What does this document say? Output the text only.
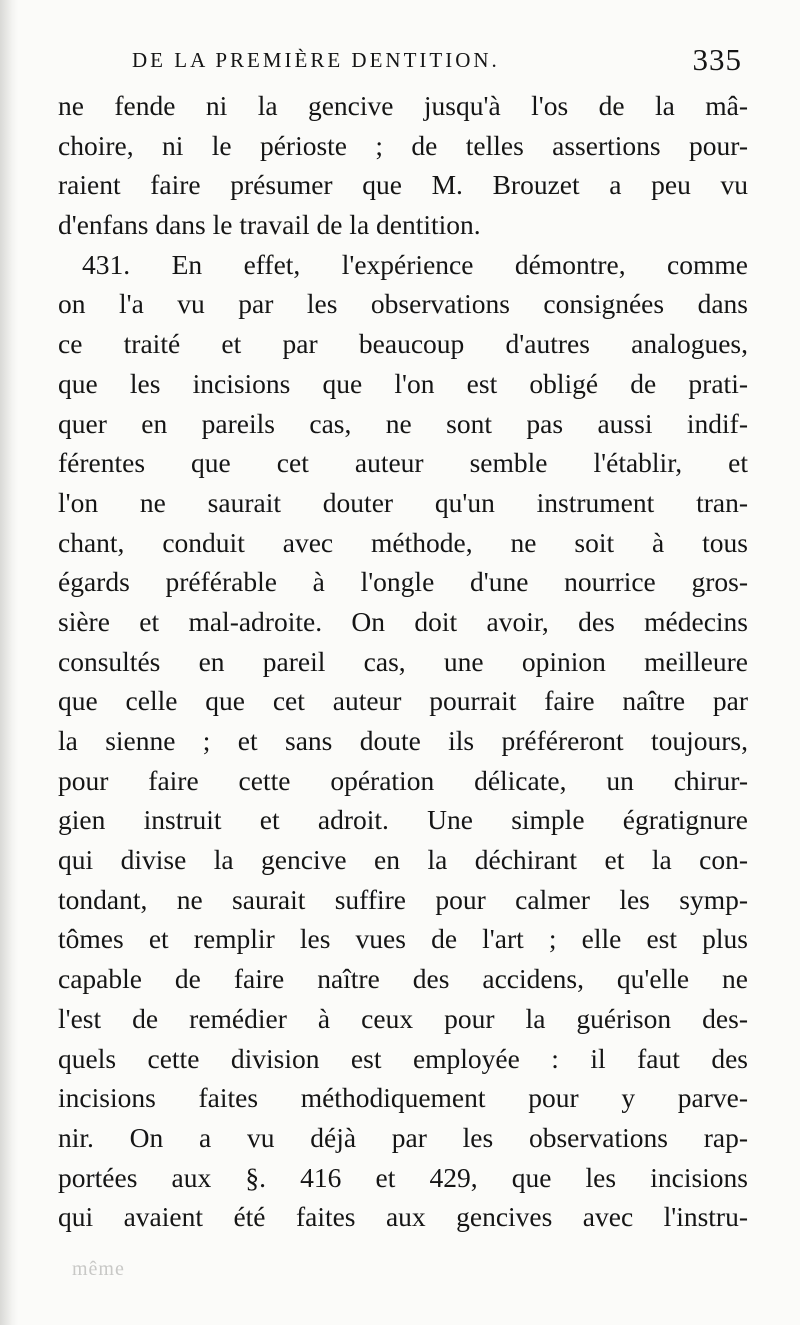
DE LA PREMIÈRE DENTITION.	335
ne fende ni la gencive jusqu'à l'os de la mâ-
choire, ni le périoste ; de telles assertions pour-
raient faire présumer que M. Brouzet a peu vu
d'enfans dans le travail de la dentition.
431. En effet, l'expérience démontre, comme
on l'a vu par les observations consignées dans
ce traité et par beaucoup d'autres analogues,
que les incisions que l'on est obligé de prati-
quer en pareils cas, ne sont pas aussi indif-
férentes que cet auteur semble l'établir, et
l'on ne saurait douter qu'un instrument tran-
chant, conduit avec méthode, ne soit à tous
égards préférable à l'ongle d'une nourrice gros-
sière et mal-adroite. On doit avoir, des médecins
consultés en pareil cas, une opinion meilleure
que celle que cet auteur pourrait faire naître par
la sienne ; et sans doute ils préféreront toujours,
pour faire cette opération délicate, un chirur-
gien instruit et adroit. Une simple égratignure
qui divise la gencive en la déchirant et la con-
tondant, ne saurait suffire pour calmer les symp-
tômes et remplir les vues de l'art ; elle est plus
capable de faire naître des accidens, qu'elle ne
l'est de remédier à ceux pour la guérison des-
quels cette division est employée : il faut des
incisions faites méthodiquement pour y parve-
nir. On a vu déjà par les observations rap-
portées aux §. 416 et 429, que les incisions
qui avaient été faites aux gencives avec l'instru-
même
